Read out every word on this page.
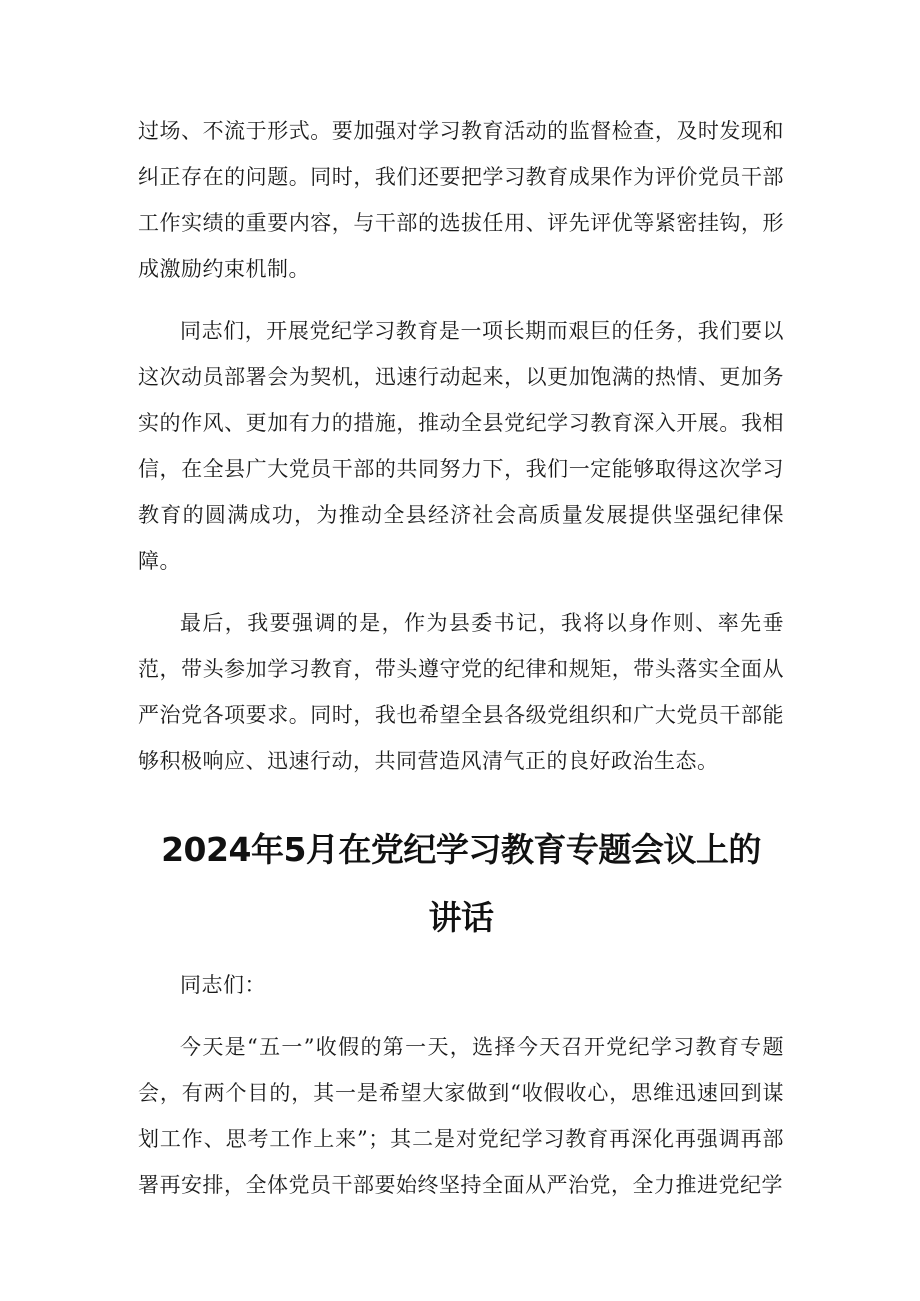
过场、不流于形式。要加强对学习教育活动的监督检查，及时发现和纠正存在的问题。同时，我们还要把学习教育成果作为评价党员干部工作实绩的重要内容，与干部的选拔任用、评先评优等紧密挂钩，形成激励约束机制。

同志们，开展党纪学习教育是一项长期而艰巨的任务，我们要以这次动员部署会为契机，迅速行动起来，以更加饱满的热情、更加务实的作风、更加有力的措施，推动全县党纪学习教育深入开展。我相信，在全县广大党员干部的共同努力下，我们一定能够取得这次学习教育的圆满成功，为推动全县经济社会高质量发展提供坚强纪律保障。

最后，我要强调的是，作为县委书记，我将以身作则、率先垂范，带头参加学习教育，带头遵守党的纪律和规矩，带头落实全面从严治党各项要求。同时，我也希望全县各级党组织和广大党员干部能够积极响应、迅速行动，共同营造风清气正的良好政治生态。

2024年5月在党纪学习教育专题会议上的
讲话

同志们：

今天是“五一”收假的第一天，选择今天召开党纪学习教育专题会，有两个目的，其一是希望大家做到“收假收心，思维迅速回到谋划工作、思考工作上来”；其二是对党纪学习教育再深化再强调再部署再安排，全体党员干部要始终坚持全面从严治党，全力推进党纪学
